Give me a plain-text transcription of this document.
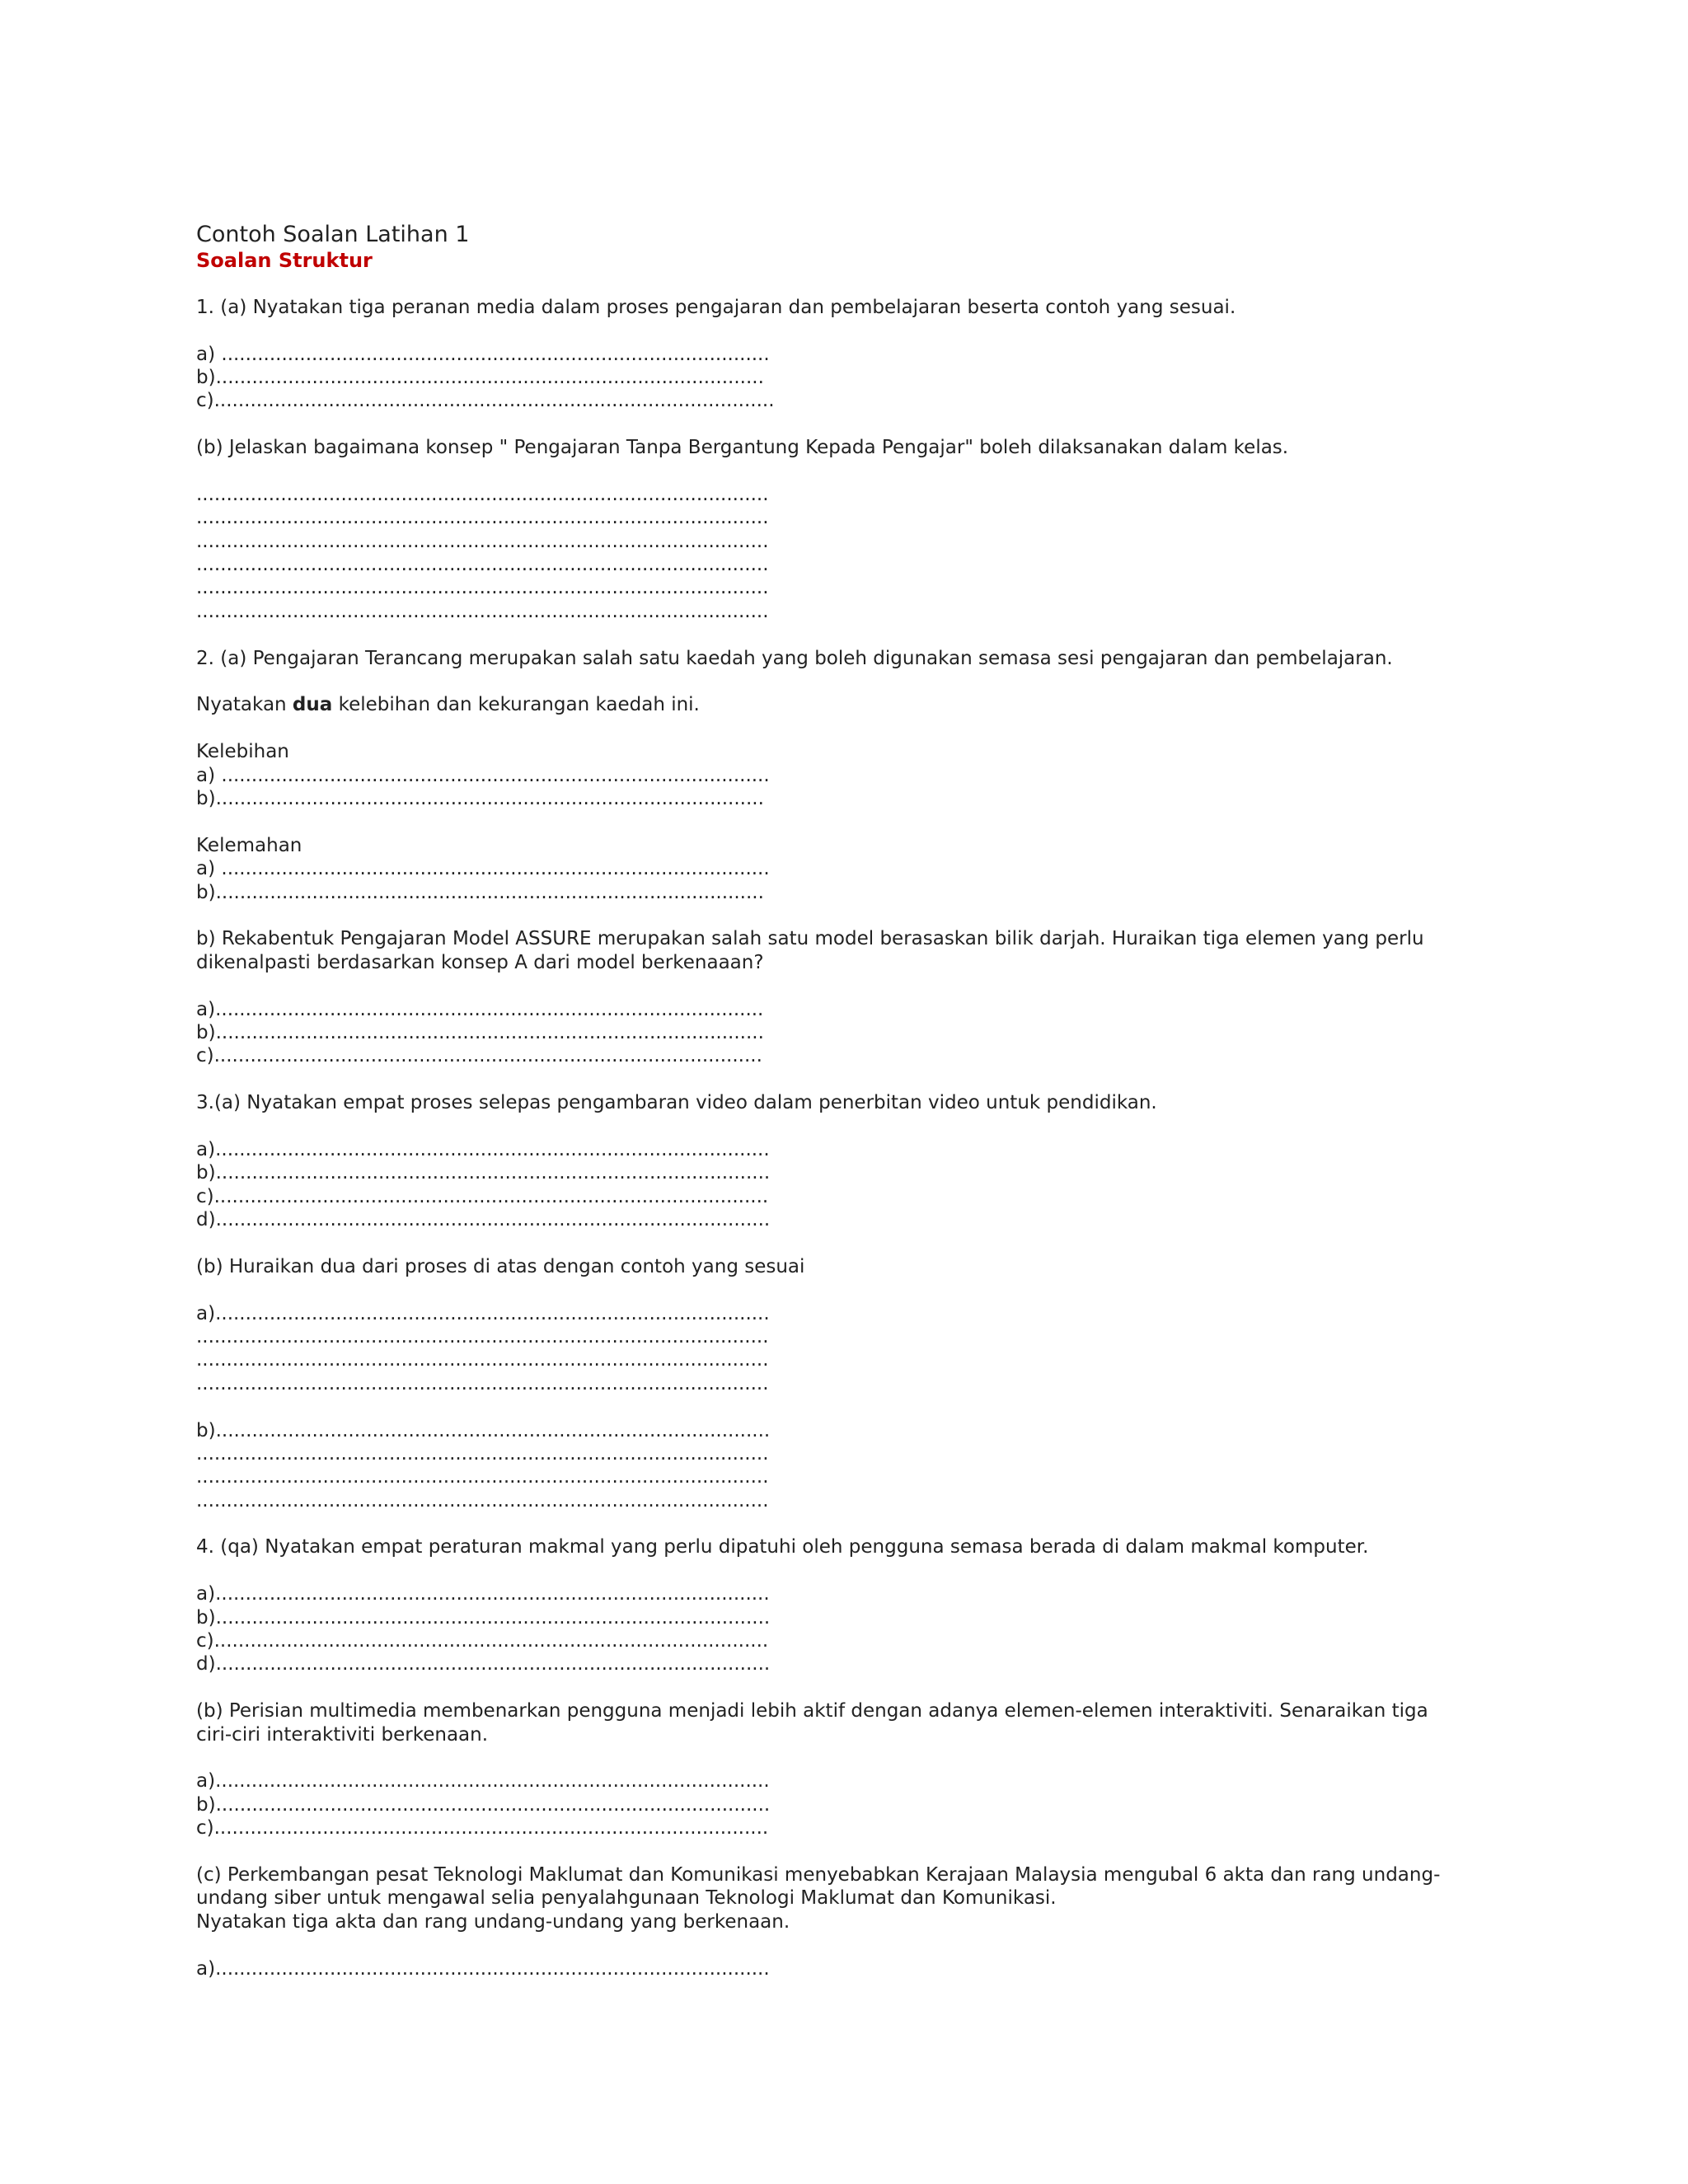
Contoh Soalan Latihan 1
Soalan Struktur
1. (a) Nyatakan tiga peranan media dalam proses pengajaran dan pembelajaran beserta contoh yang sesuai.
a) ...........................................................................................
b)...........................................................................................
c).............................................................................................
(b) Jelaskan bagaimana konsep " Pengajaran Tanpa Bergantung Kepada Pengajar" boleh dilaksanakan dalam kelas.
...............................................................................................
...............................................................................................
...............................................................................................
...............................................................................................
...............................................................................................
...............................................................................................
2. (a) Pengajaran Terancang merupakan salah satu kaedah yang boleh digunakan semasa sesi pengajaran dan pembelajaran.
Nyatakan dua kelebihan dan kekurangan kaedah ini.
Kelebihan
a) ...........................................................................................
b)...........................................................................................
Kelemahan
a) ...........................................................................................
b)...........................................................................................
b) Rekabentuk Pengajaran Model ASSURE merupakan salah satu model berasaskan bilik darjah. Huraikan tiga elemen yang perlu
dikenalpasti berdasarkan konsep A dari model berkenaaan?
a)...........................................................................................
b)...........................................................................................
c)...........................................................................................
3.(a) Nyatakan empat proses selepas pengambaran video dalam penerbitan video untuk pendidikan.
a)............................................................................................
b)............................................................................................
c)............................................................................................
d)............................................................................................
(b) Huraikan dua dari proses di atas dengan contoh yang sesuai
a)............................................................................................
...............................................................................................
...............................................................................................
...............................................................................................
b)............................................................................................
...............................................................................................
...............................................................................................
...............................................................................................
4. (qa) Nyatakan empat peraturan makmal yang perlu dipatuhi oleh pengguna semasa berada di dalam makmal komputer.
a)............................................................................................
b)............................................................................................
c)............................................................................................
d)............................................................................................
(b) Perisian multimedia membenarkan pengguna menjadi lebih aktif dengan adanya elemen-elemen interaktiviti. Senaraikan tiga
ciri-ciri interaktiviti berkenaan.
a)............................................................................................
b)............................................................................................
c)............................................................................................
(c) Perkembangan pesat Teknologi Maklumat dan Komunikasi menyebabkan Kerajaan Malaysia mengubal 6 akta dan rang undang-
undang siber untuk mengawal selia penyalahgunaan Teknologi Maklumat dan Komunikasi.
Nyatakan tiga akta dan rang undang-undang yang berkenaan.
a)............................................................................................
